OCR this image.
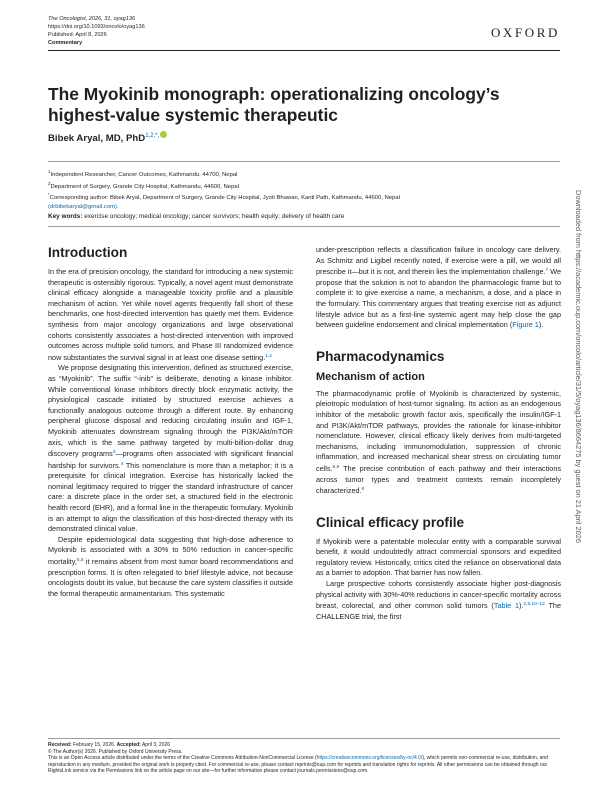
The Oncologist, 2026, 31, oyag136
https://doi.org/10.1093/oncolo/oyag136
Published: April 8, 2026
Commentary
OXFORD
The Myokinib monograph: operationalizing oncology’s highest-value systemic therapeutic
Bibek Aryal, MD, PhD$^{1,2,*,}$
$^1$Independent Researcher, Cancer Outcomes, Kathmandu, 44700, Nepal
$^2$Department of Surgery, Grande City Hospital, Kathmandu, 44600, Nepal
*Corresponding author: Bibek Aryal, Department of Surgery, Grande City Hospital, Jyoti Bhawan, Kanti Path, Kathmandu, 44600, Nepal
(drbibekaryal@gmail.com).
Key words: exercise oncology; medical oncology; cancer survivors; health equity; delivery of health care
Introduction

In the era of precision oncology, the standard for introducing a new systemic therapeutic is ostensibly rigorous. Typically, a novel agent must demonstrate clinical efficacy alongside a manageable toxicity profile and a plausible mechanism of action. Yet while novel agents frequently fall short of these benchmarks, one host-directed intervention has quietly met them. Evidence synthesis from major oncology organizations and large observational cohorts consistently associates a host-directed intervention with improved outcomes across multiple solid tumors, and Phase III randomized evidence now substantiates the survival signal in at least one disease setting.$^{1,2}$

We propose designating this intervention, defined as structured exercise, as “Myokinib”. The suffix “-inib” is deliberate, denoting a kinase inhibitor. While conventional kinase inhibitors directly block enzymatic activity, the physiological cascade initiated by structured exercise achieves a functionally analogous outcome through a different route. By enhancing peripheral glucose disposal and reducing circulating insulin and IGF-1, Myokinib attenuates downstream signaling through the PI3K/Akt/mTOR axis, which is the same pathway targeted by multi-billion-dollar drug discovery programs$^3$—programs often associated with significant financial hardship for survivors.$^4$ This nomenclature is more than a metaphor; it is a prerequisite for clinical integration. Exercise has historically lacked the nominal legitimacy required to trigger the standard infrastructure of cancer care: a discrete place in the order set, a structured field in the electronic health record (EHR), and a formal line in the therapeutic formulary. Myokinib is an attempt to align the classification of this host-directed therapy with its demonstrated clinical value.

Despite epidemiological data suggesting that high-dose adherence to Myokinib is associated with a 30% to 50% reduction in cancer-specific mortality,$^{5,6}$ it remains absent from most tumor board recommendations and prescription forms. It is often relegated to brief lifestyle advice, not because oncologists doubt its value, but because the care system classifies it outside the formal therapeutic armamentarium. This systematic

under-prescription reflects a classification failure in oncology care delivery. As Schmitz and Ligibel recently noted, if exercise were a pill, we would all prescribe it—but it is not, and therein lies the implementation challenge.$^7$ We propose that the solution is not to abandon the pharmacologic frame but to complete it: to give exercise a name, a mechanism, a dose, and a place in the formulary. This commentary argues that treating exercise not as adjunct lifestyle advice but as a first-line systemic agent may help close the gap between guideline endorsement and clinical implementation (Figure 1).

Pharmacodynamics
Mechanism of action

The pharmacodynamic profile of Myokinib is characterized by systemic, pleiotropic modulation of host-tumor signaling. Its action as an endogenous inhibitor of the metabolic growth factor axis, specifically the insulin/IGF-1 and PI3K/Akt/mTOR pathways, provides the rationale for kinase-inhibitor nomenclature. However, clinical efficacy likely derives from multi-targeted mechanisms, including immunomodulation, suppression of chronic inflammation, and increased mechanical shear stress on circulating tumor cells.$^{8,9}$ The precise contribution of each pathway and their interactions across tumor types and treatment contexts remain incompletely characterized.$^8$

Clinical efficacy profile

If Myokinib were a patentable molecular entity with a comparable survival benefit, it would undoubtedly attract commercial sponsors and expedited regulatory review. Historically, critics cited the reliance on observational data as a barrier to adoption. That barrier has now fallen.

Large prospective cohorts consistently associate higher post-diagnosis physical activity with 30%-40% reductions in cancer-specific mortality across breast, colorectal, and other common solid tumors (Table 1).$^{2,5,10-12}$ The CHALLENGE trial, the first

Downloaded from https://academic.oup.com/oncolo/article/31/5/oyag136/8664275 by guest on 21 April 2026
Received: February 15, 2026. Accepted: April 3, 2026
© The Author(s) 2026. Published by Oxford University Press.
This is an Open Access article distributed under the terms of the Creative Commons Attribution-NonCommercial License (https://creativecommons.org/licenses/by-nc/4.0/), which permits non-commercial re-use, distribution, and reproduction in any medium, provided the original work is properly cited. For commercial re-use, please contact reprints@oup.com for reprints and translation rights for reprints. All other permissions can be obtained through our RightsLink service via the Permissions link on the article page on our site—for further information please contact journals.permissions@oup.com.
